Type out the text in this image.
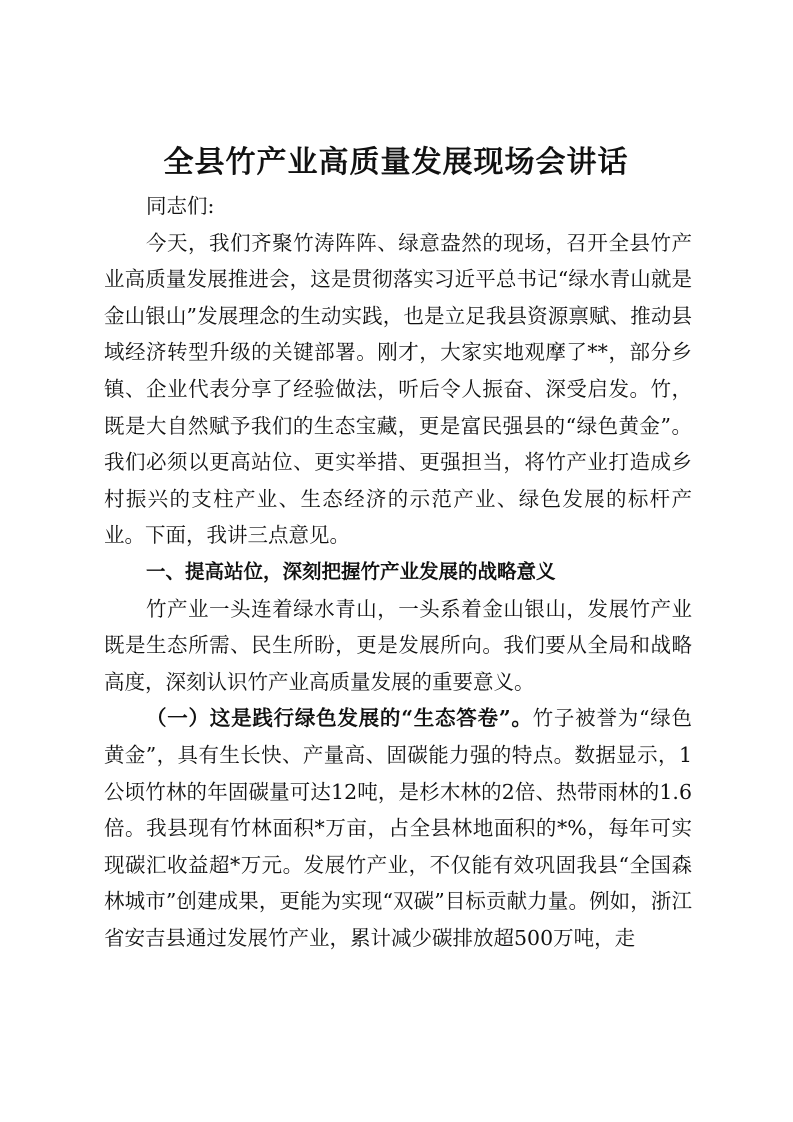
全县竹产业高质量发展现场会讲话

同志们:

今天，我们齐聚竹涛阵阵、绿意盎然的现场，召开全县竹产业高质量发展推进会，这是贯彻落实习近平总书记“绿水青山就是金山银山”发展理念的生动实践，也是立足我县资源禀赋、推动县域经济转型升级的关键部署。刚才，大家实地观摩了**，部分乡镇、企业代表分享了经验做法，听后令人振奋、深受启发。竹，既是大自然赋予我们的生态宝藏，更是富民强县的“绿色黄金”。我们必须以更高站位、更实举措、更强担当，将竹产业打造成乡村振兴的支柱产业、生态经济的示范产业、绿色发展的标杆产业。下面，我讲三点意见。

一、提高站位，深刻把握竹产业发展的战略意义

竹产业一头连着绿水青山，一头系着金山银山，发展竹产业既是生态所需、民生所盼，更是发展所向。我们要从全局和战略高度，深刻认识竹产业高质量发展的重要意义。

（一）这是践行绿色发展的“生态答卷”。竹子被誉为“绿色黄金”，具有生长快、产量高、固碳能力强的特点。数据显示，1公顷竹林的年固碳量可达12吨，是杉木林的2倍、热带雨林的1.6倍。我县现有竹林面积*万亩，占全县林地面积的*%，每年可实现碳汇收益超*万元。发展竹产业，不仅能有效巩固我县“全国森林城市”创建成果，更能为实现“双碳”目标贡献力量。例如，浙江省安吉县通过发展竹产业，累计减少碳排放超500万吨，走
